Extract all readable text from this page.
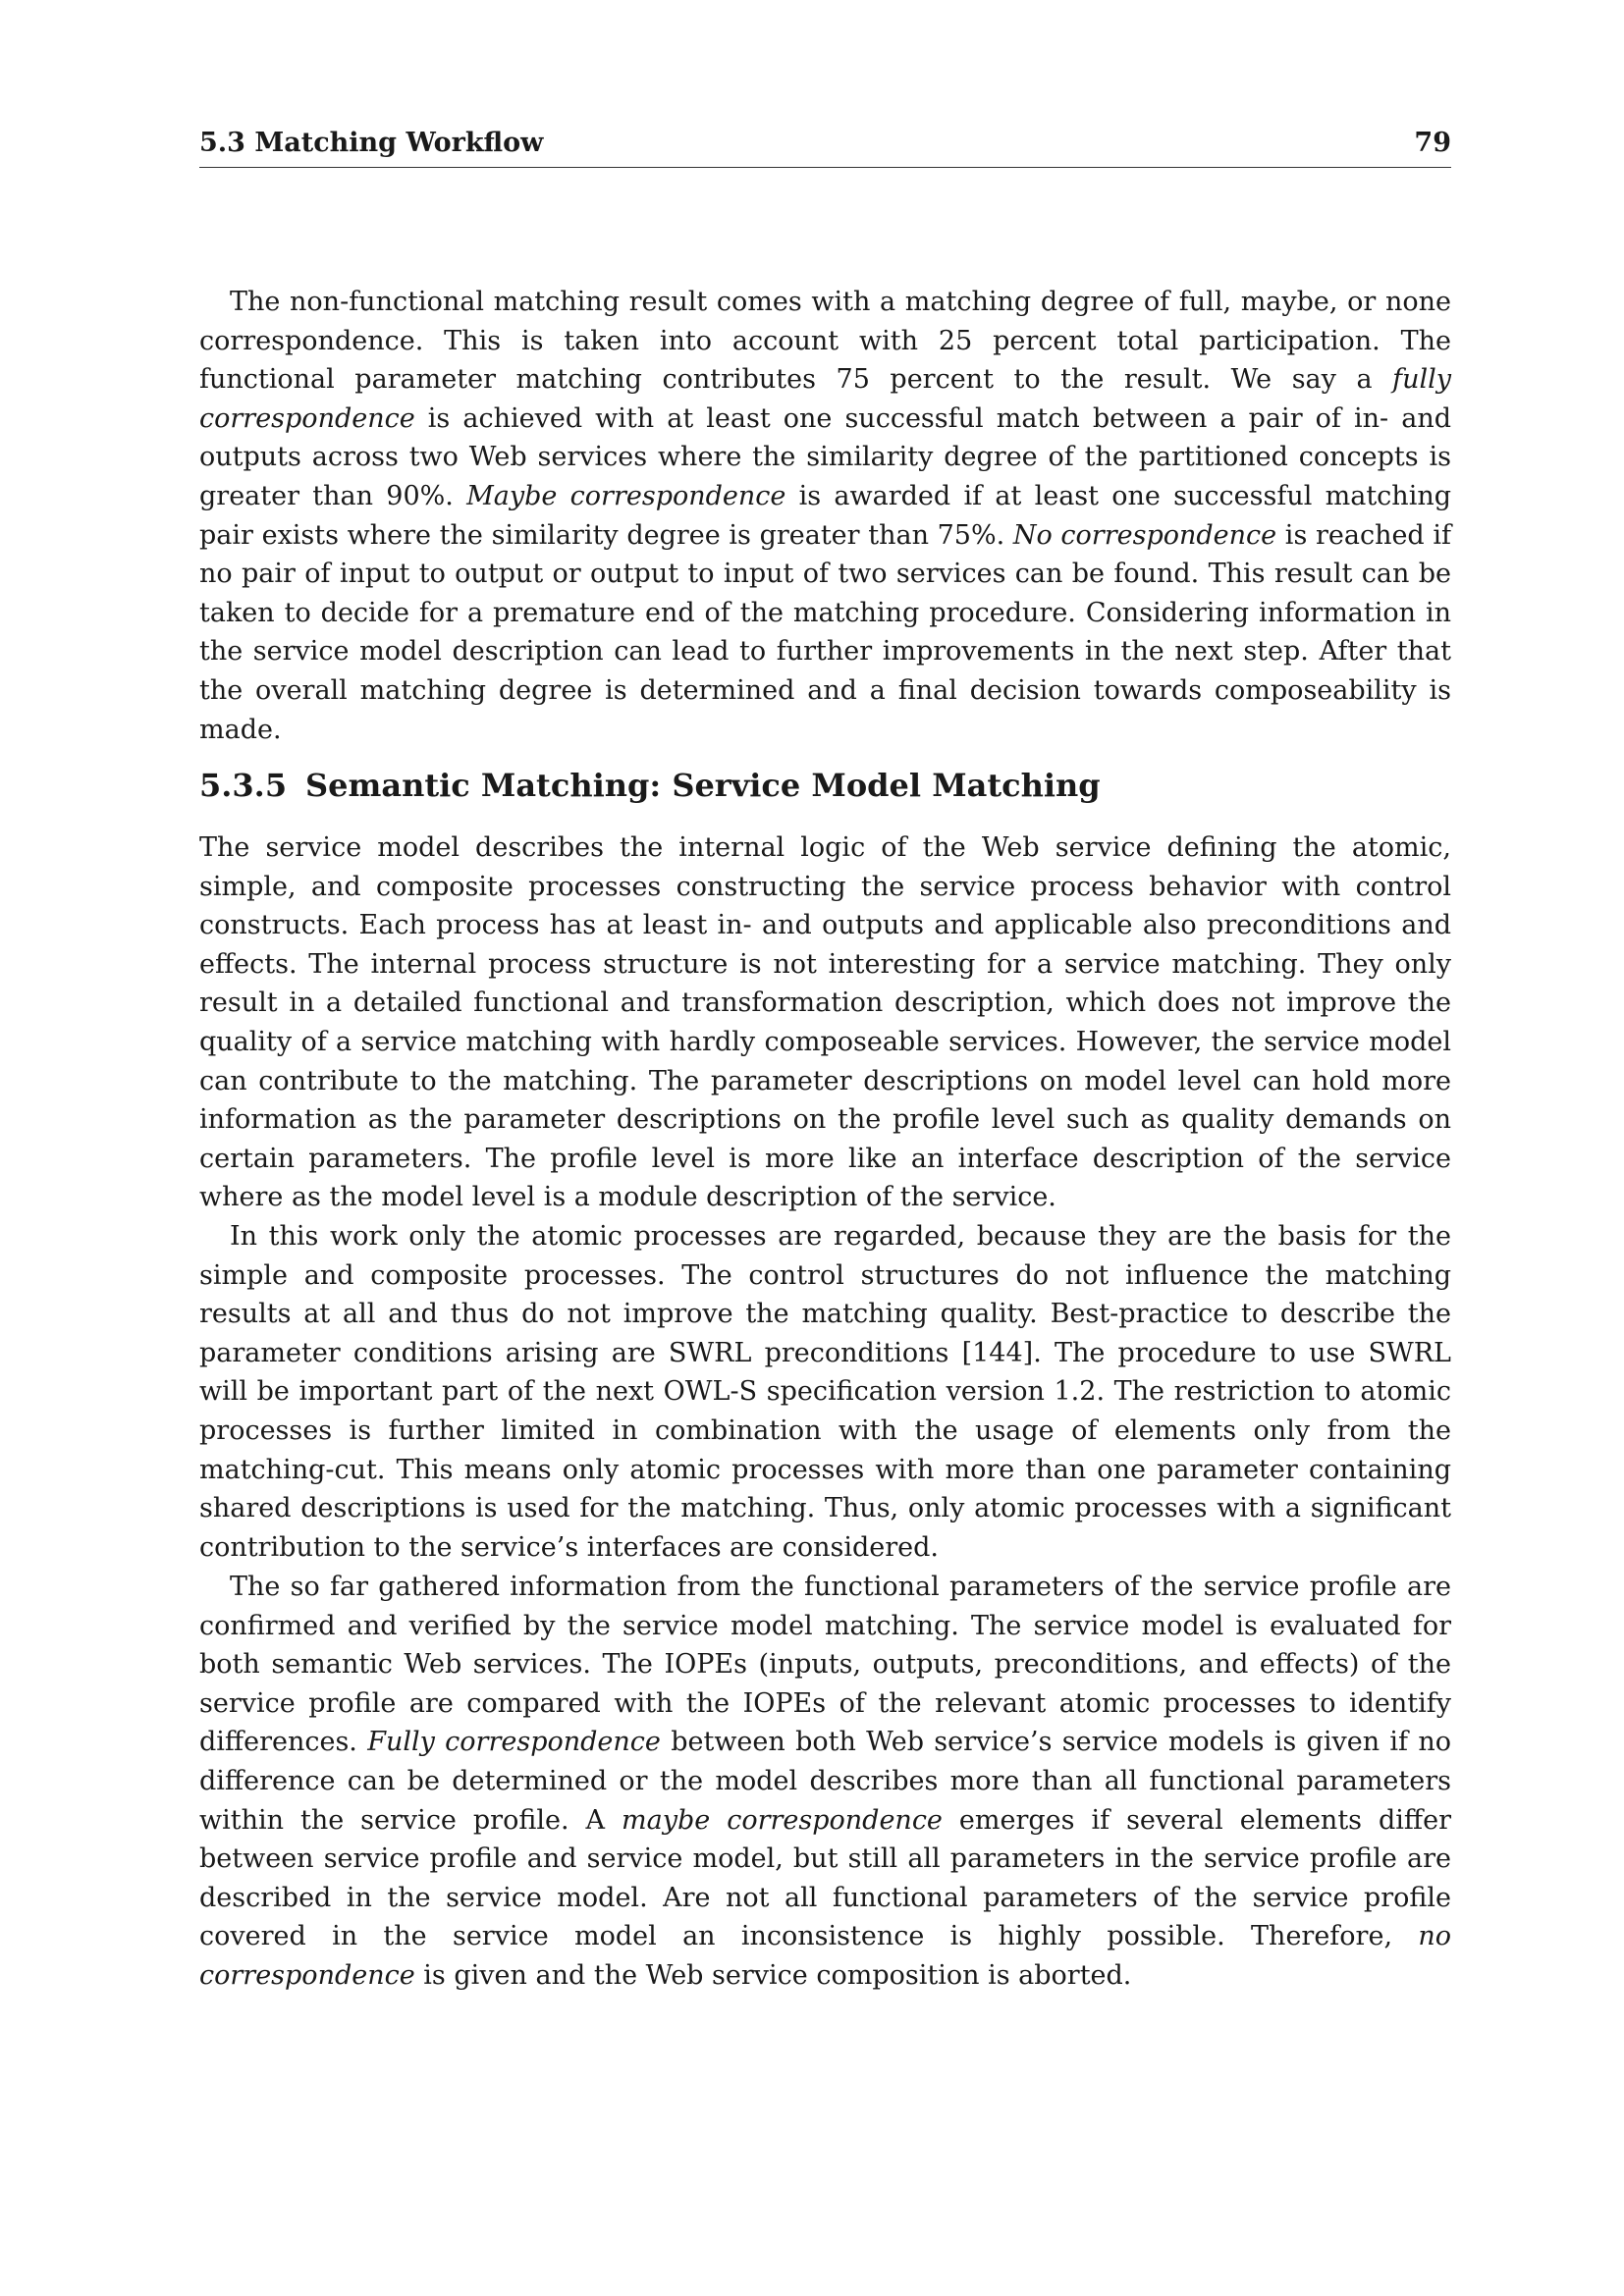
5.3 Matching Workflow	79

The non-functional matching result comes with a matching degree of full, maybe, or none correspondence. This is taken into account with 25 percent total participation. The functional parameter matching contributes 75 percent to the result. We say a fully correspondence is achieved with at least one successful match between a pair of in- and outputs across two Web services where the similarity degree of the partitioned concepts is greater than 90%. Maybe correspondence is awarded if at least one successful matching pair exists where the similarity degree is greater than 75%. No correspondence is reached if no pair of input to output or output to input of two services can be found. This result can be taken to decide for a premature end of the matching procedure. Considering information in the service model description can lead to further improvements in the next step. After that the overall matching degree is determined and a final decision towards composeability is made.

5.3.5 Semantic Matching: Service Model Matching

The service model describes the internal logic of the Web service defining the atomic, simple, and composite processes constructing the service process behavior with control constructs. Each process has at least in- and outputs and applicable also preconditions and effects. The internal process structure is not interesting for a service matching. They only result in a detailed functional and transformation description, which does not improve the quality of a service matching with hardly composeable services. However, the service model can contribute to the matching. The parameter descriptions on model level can hold more information as the parameter descriptions on the profile level such as quality demands on certain parameters. The profile level is more like an interface description of the service where as the model level is a module description of the service.

In this work only the atomic processes are regarded, because they are the basis for the simple and composite processes. The control structures do not influence the matching results at all and thus do not improve the matching quality. Best-practice to describe the parameter conditions arising are SWRL preconditions [144]. The procedure to use SWRL will be important part of the next OWL-S specification version 1.2. The restriction to atomic processes is further limited in combination with the usage of elements only from the matching-cut. This means only atomic processes with more than one parameter containing shared descriptions is used for the matching. Thus, only atomic processes with a significant contribution to the service’s interfaces are considered.

The so far gathered information from the functional parameters of the service profile are confirmed and verified by the service model matching. The service model is evaluated for both semantic Web services. The IOPEs (inputs, outputs, preconditions, and effects) of the service profile are compared with the IOPEs of the relevant atomic processes to identify differences. Fully correspondence between both Web service’s service models is given if no difference can be determined or the model describes more than all functional parameters within the service profile. A maybe correspondence emerges if several elements differ between service profile and service model, but still all parameters in the service profile are described in the service model. Are not all functional parameters of the service profile covered in the service model an inconsistence is highly possible. Therefore, no correspondence is given and the Web service composition is aborted.
